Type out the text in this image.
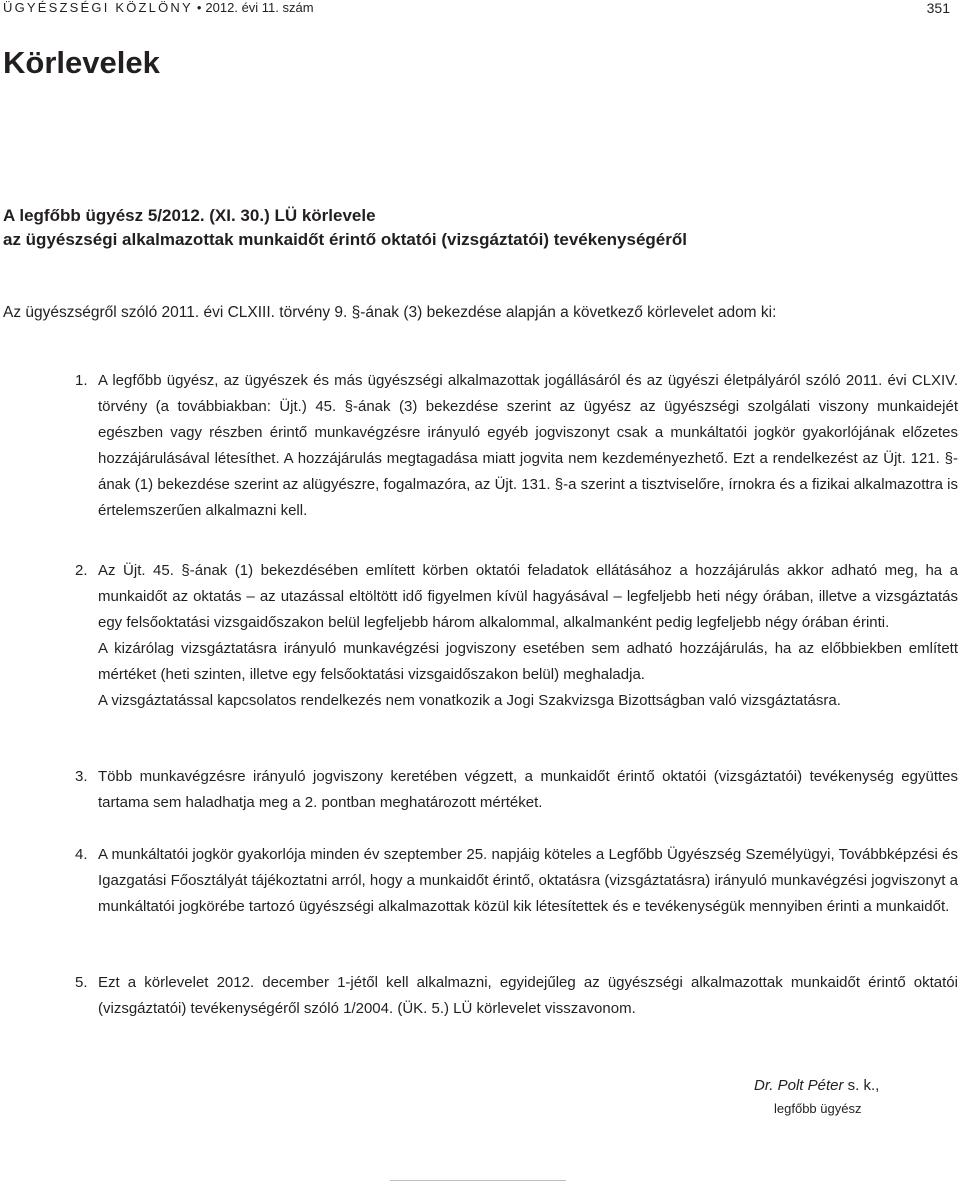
ÜGYÉSZSÉGI KÖZLÖNY • 2012. évi 11. szám	351
Körlevelek
A legfőbb ügyész 5/2012. (XI. 30.) LÜ körlevele
az ügyészségi alkalmazottak munkaidőt érintő oktatói (vizsgáztatói) tevékenységéről

Az ügyészségről szóló 2011. évi CLXIII. törvény 9. §-ának (3) bekezdése alapján a következő körlevelet adom ki:

1. A legfőbb ügyész, az ügyészek és más ügyészségi alkalmazottak jogállásáról és az ügyészi életpályáról szóló 2011. évi CLXIV. törvény (a továbbiakban: Üjt.) 45. §-ának (3) bekezdése szerint az ügyész az ügyészségi szolgálati viszony munkaidejét egészben vagy részben érintő munkavégzésre irányuló egyéb jogviszonyt csak a munkáltatói jogkör gyakorlójának előzetes hozzájárulásával létesíthet. A hozzájárulás megtagadása miatt jogvita nem kezdeményezhető. Ezt a rendelkezést az Üjt. 121. §-ának (1) bekezdése szerint az alügyészre, fogalmazóra, az Üjt. 131. §-a szerint a tisztviselőre, írnokra és a fizikai alkalmazottra is értelemszerűen alkalmazni kell.

2. Az Üjt. 45. §-ának (1) bekezdésében említett körben oktatói feladatok ellátásához a hozzájárulás akkor adható meg, ha a munkaidőt az oktatás – az utazással eltöltött idő figyelmen kívül hagyásával – legfeljebb heti négy órában, illetve a vizsgáztatás egy felsőoktatási vizsgaidőszakon belül legfeljebb három alkalommal, alkalmanként pedig legfeljebb négy órában érinti.

A kizárólag vizsgáztatásra irányuló munkavégzési jogviszony esetében sem adható hozzájárulás, ha az előbbiekben említett mértéket (heti szinten, illetve egy felsőoktatási vizsgaidőszakon belül) meghaladja.

A vizsgáztatással kapcsolatos rendelkezés nem vonatkozik a Jogi Szakvizsga Bizottságban való vizsgáztatásra.

3. Több munkavégzésre irányuló jogviszony keretében végzett, a munkaidőt érintő oktatói (vizsgáztatói) tevékenység együttes tartama sem haladhatja meg a 2. pontban meghatározott mértéket.

4. A munkáltatói jogkör gyakorlója minden év szeptember 25. napjáig köteles a Legfőbb Ügyészség Személyügyi, Továbbképzési és Igazgatási Főosztályát tájékoztatni arról, hogy a munkaidőt érintő, oktatásra (vizsgáztatásra) irányuló munkavégzési jogviszonyt a munkáltatói jogkörébe tartozó ügyészségi alkalmazottak közül kik létesítettek és e tevékenységük mennyiben érinti a munkaidőt.

5. Ezt a körlevelet 2012. december 1-jétől kell alkalmazni, egyidejűleg az ügyészségi alkalmazottak munkaidőt érintő oktatói (vizsgáztatói) tevékenységéről szóló 1/2004. (ÜK. 5.) LÜ körlevelet visszavonom.

Dr. Polt Péter s. k.,
legfőbb ügyész
